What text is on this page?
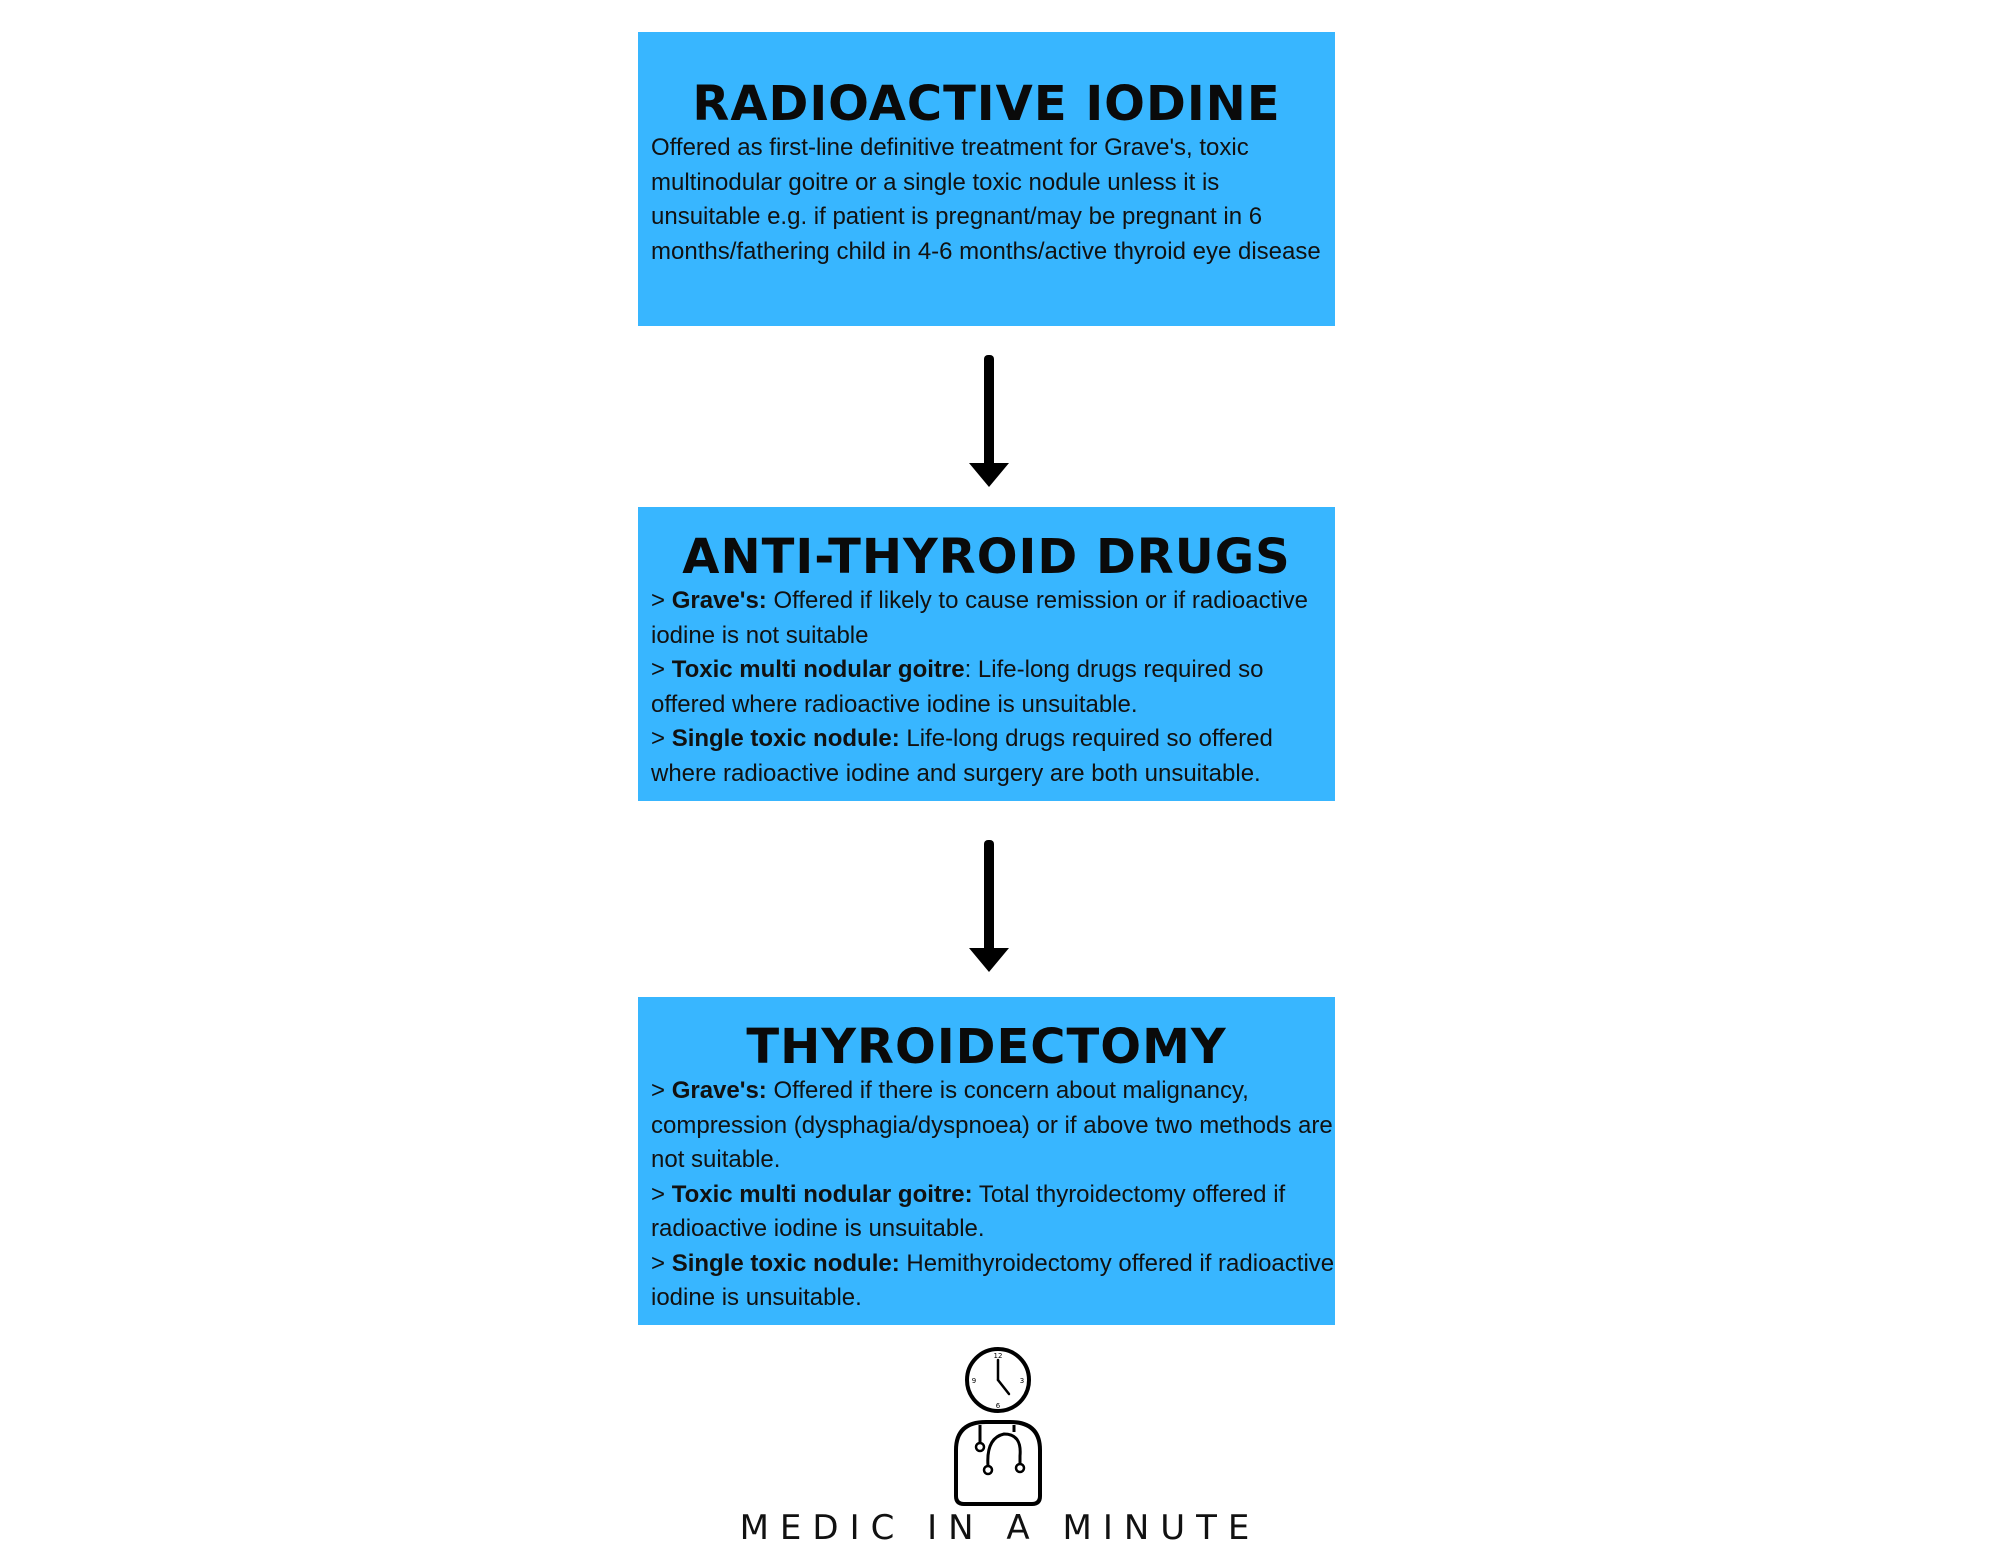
RADIOACTIVE IODINE

Offered as first-line definitive treatment for Grave's, toxic multinodular goitre or a single toxic nodule unless it is unsuitable e.g. if patient is pregnant/may be pregnant in 6 months/fathering child in 4-6 months/active thyroid eye disease

ANTI-THYROID DRUGS

> Grave's: Offered if likely to cause remission or if radioactive iodine is not suitable

> Toxic multi nodular goitre: Life-long drugs required so offered where radioactive iodine is unsuitable.

> Single toxic nodule: Life-long drugs required so offered where radioactive iodine and surgery are both unsuitable.

THYROIDECTOMY

> Grave's: Offered if there is concern about malignancy, compression (dysphagia/dyspnoea) or if above two methods are not suitable.

> Toxic multi nodular goitre: Total thyroidectomy offered if radioactive iodine is unsuitable.

> Single toxic nodule: Hemithyroidectomy offered if radioactive iodine is unsuitable.

12
3
6
9
MEDIC IN A MINUTE
